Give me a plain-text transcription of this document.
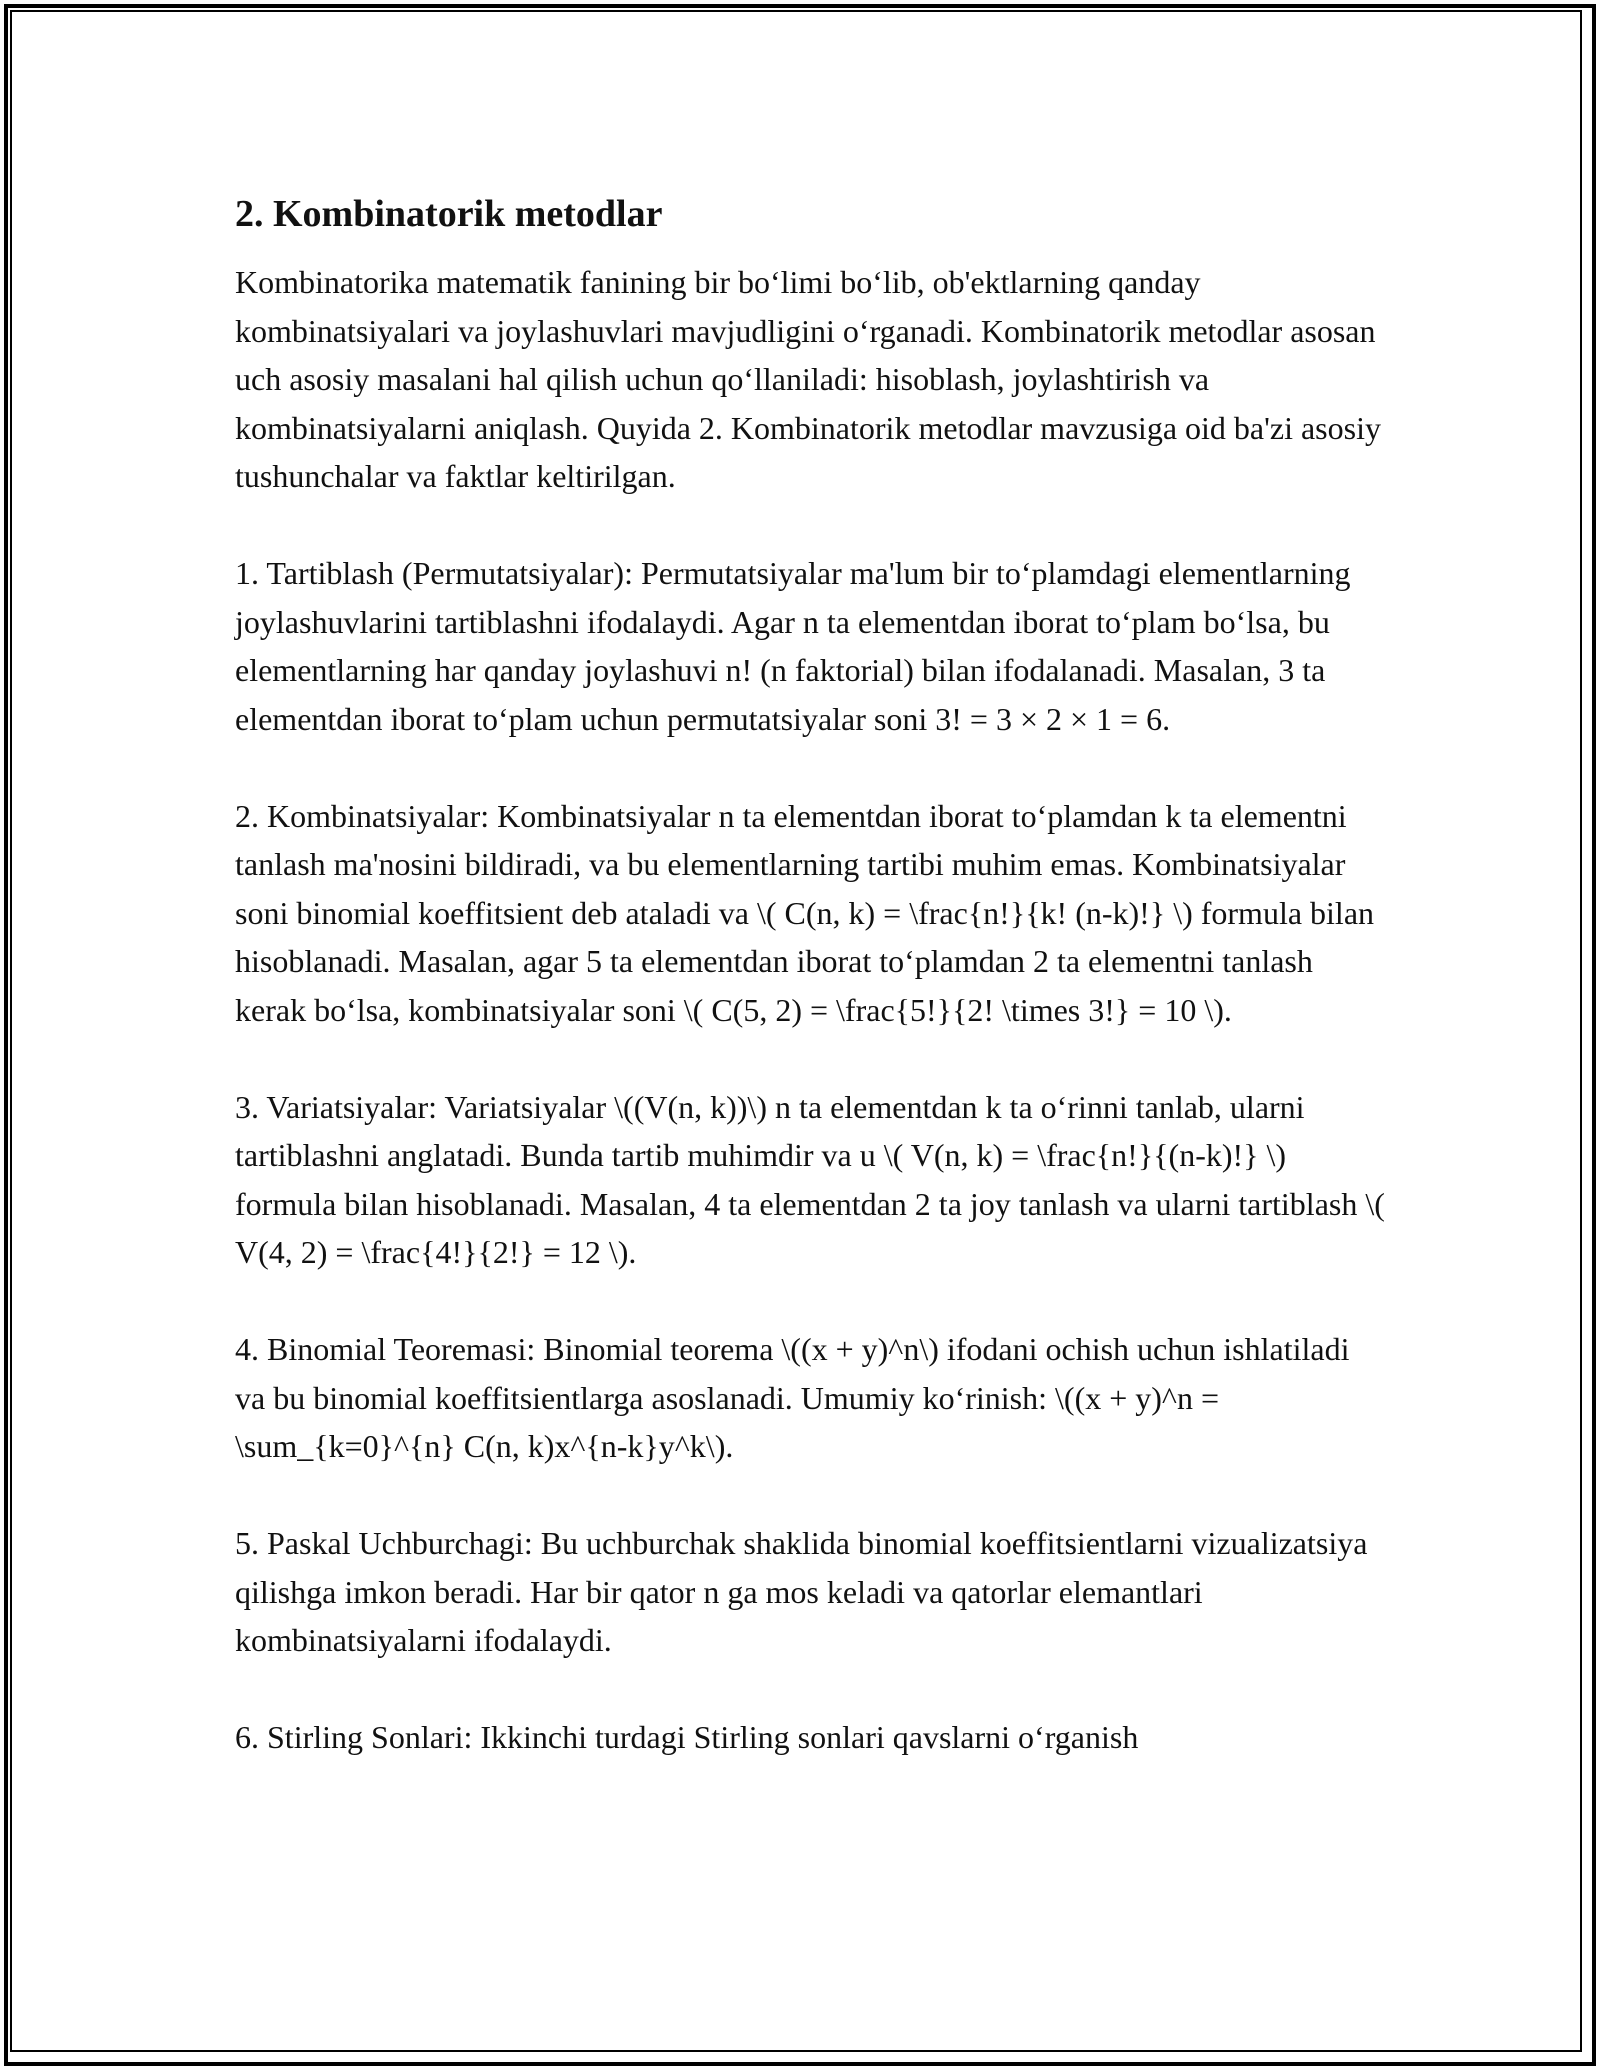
2. Kombinatorik metodlar

Kombinatorika matematik fanining bir bo‘limi bo‘lib, ob'ektlarning qanday kombinatsiyalari va joylashuvlari mavjudligini o‘rganadi. Kombinatorik metodlar asosan uch asosiy masalani hal qilish uchun qo‘llaniladi: hisoblash, joylashtirish va kombinatsiyalarni aniqlash. Quyida 2. Kombinatorik metodlar mavzusiga oid ba'zi asosiy tushunchalar va faktlar keltirilgan.

1. Tartiblash (Permutatsiyalar): Permutatsiyalar ma'lum bir to‘plamdagi elementlarning joylashuvlarini tartiblashni ifodalaydi. Agar n ta elementdan iborat to‘plam bo‘lsa, bu elementlarning har qanday joylashuvi n! (n faktorial) bilan ifodalanadi. Masalan, 3 ta elementdan iborat to‘plam uchun permutatsiyalar soni 3! = 3 × 2 × 1 = 6.

2. Kombinatsiyalar: Kombinatsiyalar n ta elementdan iborat to‘plamdan k ta elementni tanlash ma'nosini bildiradi, va bu elementlarning tartibi muhim emas. Kombinatsiyalar soni binomial koeffitsient deb ataladi va \( C(n, k) = \frac{n!}{k! (n-k)!} \) formula bilan hisoblanadi. Masalan, agar 5 ta elementdan iborat to‘plamdan 2 ta elementni tanlash kerak bo‘lsa, kombinatsiyalar soni \( C(5, 2) = \frac{5!}{2! \times 3!} = 10 \).

3. Variatsiyalar: Variatsiyalar \((V(n, k))\) n ta elementdan k ta o‘rinni tanlab, ularni tartiblashni anglatadi. Bunda tartib muhimdir va u \( V(n, k) = \frac{n!}{(n-k)!} \) formula bilan hisoblanadi. Masalan, 4 ta elementdan 2 ta joy tanlash va ularni tartiblash \( V(4, 2) = \frac{4!}{2!} = 12 \).

4. Binomial Teoremasi: Binomial teorema \((x + y)^n\) ifodani ochish uchun ishlatiladi va bu binomial koeffitsientlarga asoslanadi. Umumiy ko‘rinish: \((x + y)^n = \sum_{k=0}^{n} C(n, k)x^{n-k}y^k\).

5. Paskal Uchburchagi: Bu uchburchak shaklida binomial koeffitsientlarni vizualizatsiya qilishga imkon beradi. Har bir qator n ga mos keladi va qatorlar elemantlari kombinatsiyalarni ifodalaydi.

6. Stirling Sonlari: Ikkinchi turdagi Stirling sonlari qavslarni o‘rganish
